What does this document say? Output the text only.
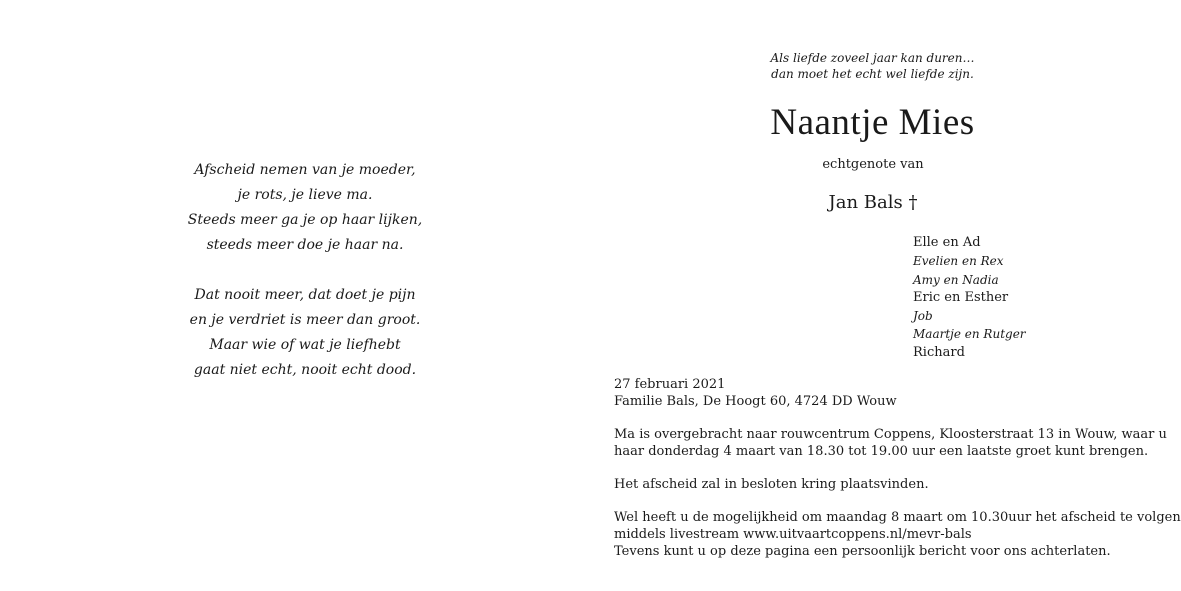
Afscheid nemen van je moeder,
je rots, je lieve ma.
Steeds meer ga je op haar lijken,
steeds meer doe je haar na.
Dat nooit meer, dat doet je pijn
en je verdriet is meer dan groot.
Maar wie of wat je liefhebt
gaat niet echt, nooit echt dood.
Als liefde zoveel jaar kan duren…
dan moet het echt wel liefde zijn.
Naantje Mies
echtgenote van
Jan Bals †
Elle en Ad
Evelien en Rex
Amy en Nadia
Eric en Esther
Job
Maartje en Rutger
Richard
27 februari 2021
Familie Bals, De Hoogt 60, 4724 DD Wouw
Ma is overgebracht naar rouwcentrum Coppens, Kloosterstraat 13 in Wouw, waar u
haar donderdag 4 maart van 18.30 tot 19.00 uur een laatste groet kunt brengen.
Het afscheid zal in besloten kring plaatsvinden.
Wel heeft u de mogelijkheid om maandag 8 maart om 10.30uur het afscheid te volgen
middels livestream www.uitvaartcoppens.nl/mevr-bals
Tevens kunt u op deze pagina een persoonlijk bericht voor ons achterlaten.
